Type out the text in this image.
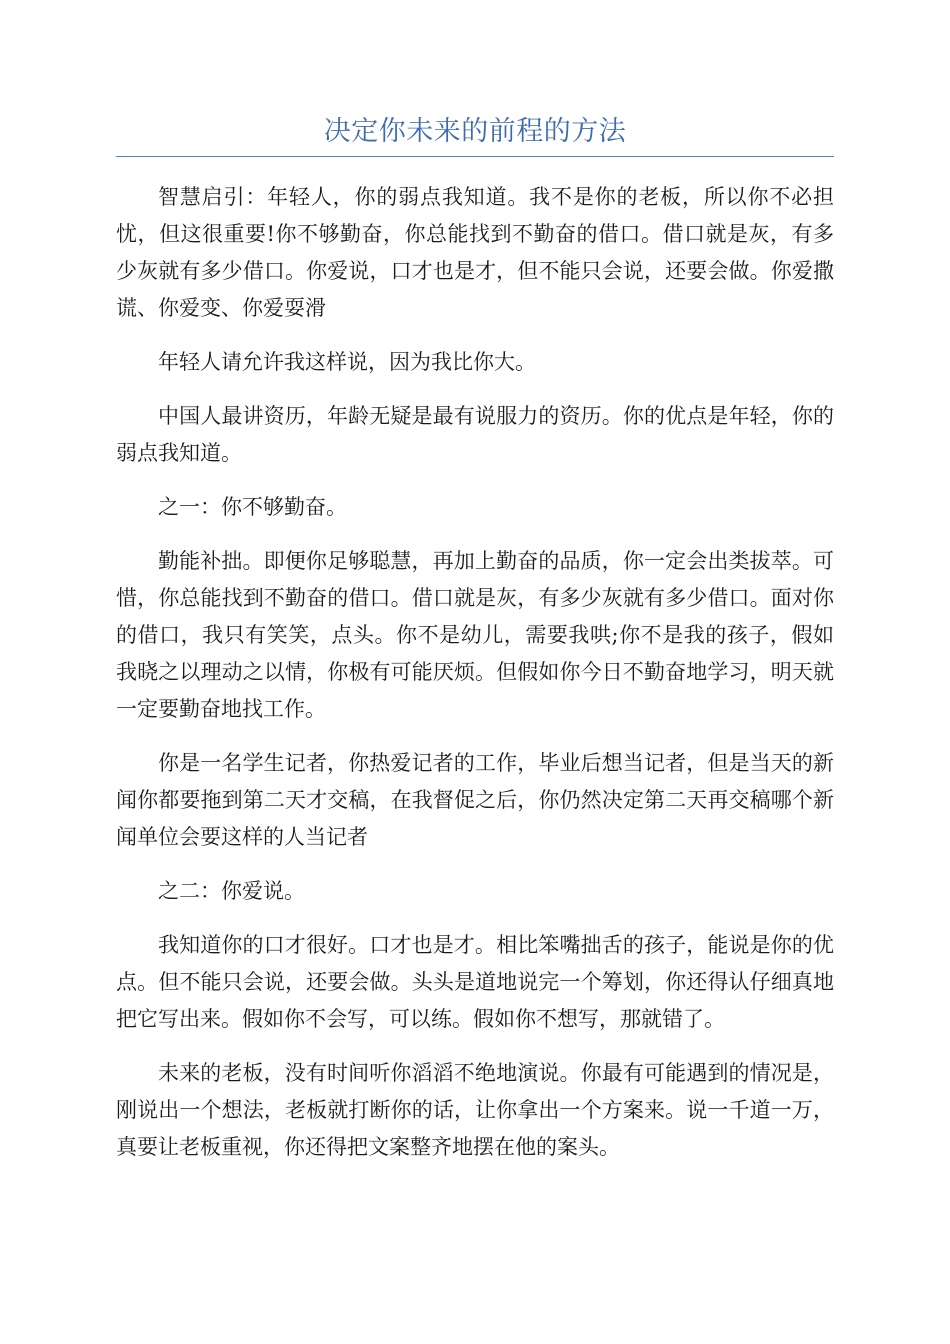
决定你未来的前程的方法

智慧启引：年轻人，你的弱点我知道。我不是你的老板，所以你不必担忧，但这很重要!你不够勤奋，你总能找到不勤奋的借口。借口就是灰，有多少灰就有多少借口。你爱说，口才也是才，但不能只会说，还要会做。你爱撒谎、你爱变、你爱耍滑

年轻人请允许我这样说，因为我比你大。

中国人最讲资历，年龄无疑是最有说服力的资历。你的优点是年轻，你的弱点我知道。

之一：你不够勤奋。

勤能补拙。即便你足够聪慧，再加上勤奋的品质，你一定会出类拔萃。可惜，你总能找到不勤奋的借口。借口就是灰，有多少灰就有多少借口。面对你的借口，我只有笑笑，点头。你不是幼儿，需要我哄;你不是我的孩子，假如我晓之以理动之以情，你极有可能厌烦。但假如你今日不勤奋地学习，明天就一定要勤奋地找工作。

你是一名学生记者，你热爱记者的工作，毕业后想当记者，但是当天的新闻你都要拖到第二天才交稿，在我督促之后，你仍然决定第二天再交稿哪个新闻单位会要这样的人当记者

之二：你爱说。

我知道你的口才很好。口才也是才。相比笨嘴拙舌的孩子，能说是你的优点。但不能只会说，还要会做。头头是道地说完一个筹划，你还得认仔细真地把它写出来。假如你不会写，可以练。假如你不想写，那就错了。

未来的老板，没有时间听你滔滔不绝地演说。你最有可能遇到的情况是，刚说出一个想法，老板就打断你的话，让你拿出一个方案来。说一千道一万，真要让老板重视，你还得把文案整齐地摆在他的案头。
